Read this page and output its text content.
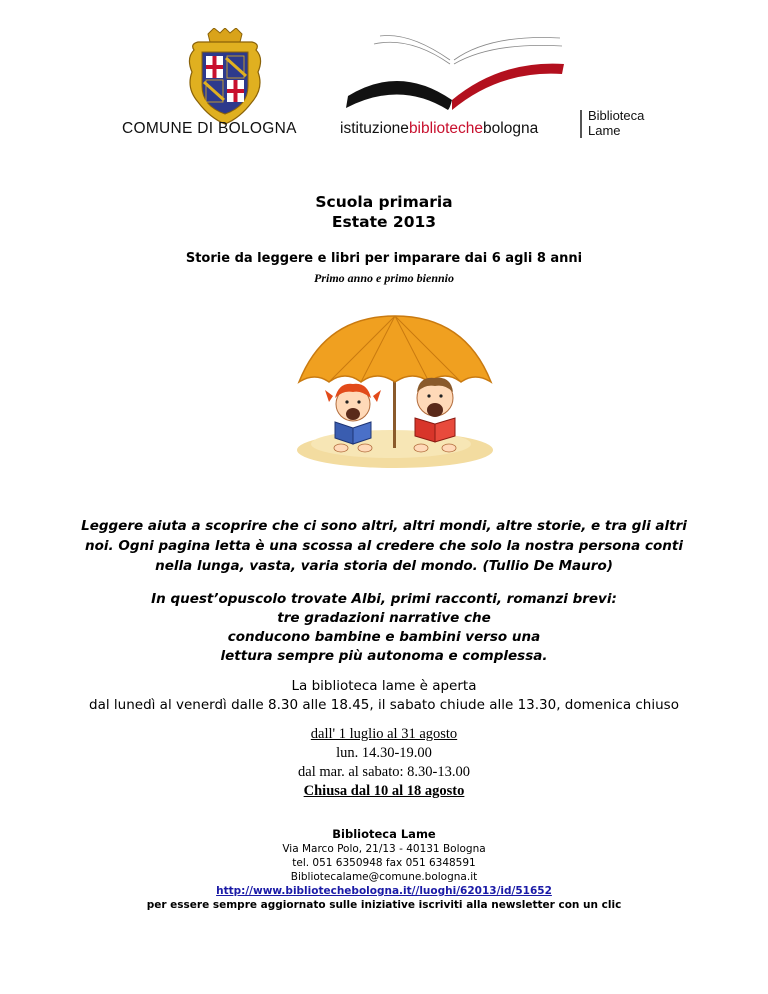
COMUNE DI BOLOGNA	istituzionebibliotechebologna
Biblioteca
Lame
Scuola primaria
Estate 2013
Storie da leggere e libri per imparare dai 6 agli 8 anni
Primo anno e primo biennio

Leggere aiuta a scoprire che ci sono altri, altri mondi, altre storie, e tra gli altri

noi. Ogni pagina letta è una scossa al credere che solo la nostra persona conti

nella lunga, vasta, varia storia del mondo. (Tullio De Mauro)

In quest’opuscolo trovate Albi, primi racconti, romanzi brevi:

tre gradazioni narrative che

conducono bambine e bambini verso una

lettura sempre più autonoma e complessa.

La biblioteca lame è aperta

dal lunedì al venerdì dalle 8.30 alle 18.45, il sabato chiude alle 13.30, domenica chiuso

dall' 1 luglio al 31 agosto

lun. 14.30-19.00

dal mar. al sabato: 8.30-13.00

Chiusa dal 10 al 18 agosto

Biblioteca Lame

Via Marco Polo, 21/13 - 40131 Bologna

tel. 051 6350948 fax 051 6348591

Bibliotecalame@comune.bologna.it

http://www.bibliotechebologna.it//luoghi/62013/id/51652

per essere sempre aggiornato sulle iniziative iscriviti alla newsletter con un clic
